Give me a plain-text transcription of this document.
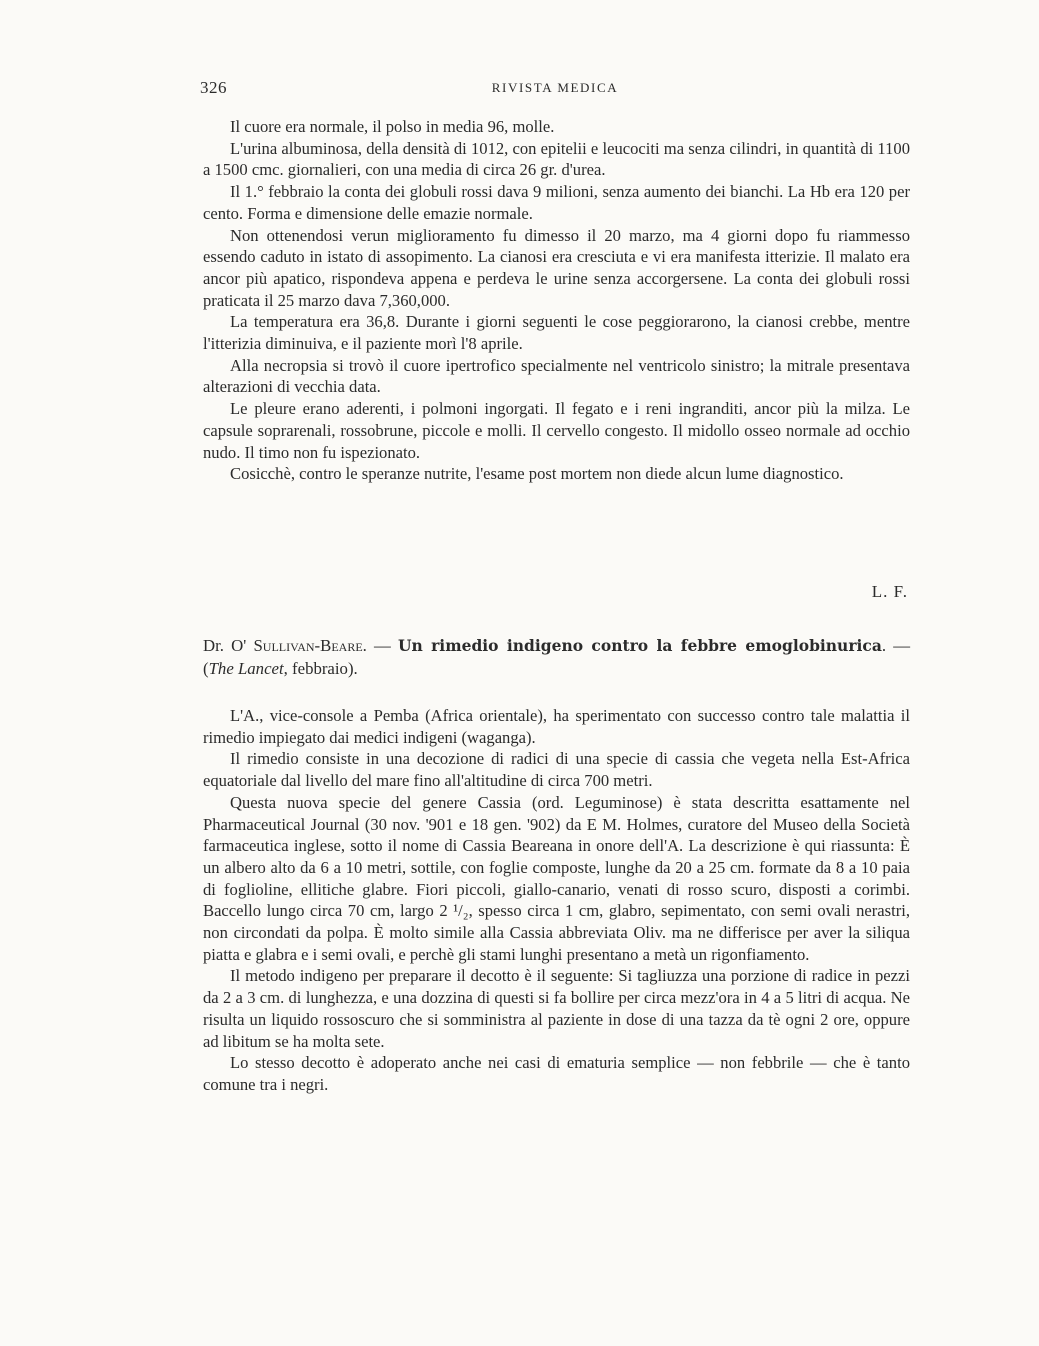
326	RIVISTA MEDICA

Il cuore era normale, il polso in media 96, molle.

L'urina albuminosa, della densità di 1012, con epitelii e leucociti ma senza cilindri, in quantità di 1100 a 1500 cmc. giornalieri, con una media di circa 26 gr. d'urea.

Il 1.° febbraio la conta dei globuli rossi dava 9 milioni, senza aumento dei bianchi. La Hb era 120 per cento. Forma e dimensione delle emazie normale.

Non ottenendosi verun miglioramento fu dimesso il 20 marzo, ma 4 giorni dopo fu riammesso essendo caduto in istato di assopimento. La cianosi era cresciuta e vi era manifesta itterizie. Il malato era ancor più apatico, rispondeva appena e perdeva le urine senza accorgersene. La conta dei globuli rossi praticata il 25 marzo dava 7,360,000.

La temperatura era 36,8. Durante i giorni seguenti le cose peggiorarono, la cianosi crebbe, mentre l'itterizia diminuiva, e il paziente morì l'8 aprile.

Alla necropsia si trovò il cuore ipertrofico specialmente nel ventricolo sinistro; la mitrale presentava alterazioni di vecchia data.

Le pleure erano aderenti, i polmoni ingorgati. Il fegato e i reni ingranditi, ancor più la milza. Le capsule soprarenali, rossobrune, piccole e molli. Il cervello congesto. Il midollo osseo normale ad occhio nudo. Il timo non fu ispezionato.

Cosicchè, contro le speranze nutrite, l'esame post mortem non diede alcun lume diagnostico.

L. F.
Dr. O' Sullivan-Beare. — Un rimedio indigeno contro la febbre emoglobinurica. — (The Lancet, febbraio).

L'A., vice-console a Pemba (Africa orientale), ha sperimentato con successo contro tale malattia il rimedio impiegato dai medici indigeni (waganga).

Il rimedio consiste in una decozione di radici di una specie di cassia che vegeta nella Est-Africa equatoriale dal livello del mare fino all'altitudine di circa 700 metri.

Questa nuova specie del genere Cassia (ord. Leguminose) è stata descritta esattamente nel Pharmaceutical Journal (30 nov. '901 e 18 gen. '902) da E M. Holmes, curatore del Museo della Società farmaceutica inglese, sotto il nome di Cassia Beareana in onore dell'A. La descrizione è qui riassunta: È un albero alto da 6 a 10 metri, sottile, con foglie composte, lunghe da 20 a 25 cm. formate da 8 a 10 paia di foglioline, ellitiche glabre. Fiori piccoli, giallo-canario, venati di rosso scuro, disposti a corimbi. Baccello lungo circa 70 cm, largo 2 ¹/₂, spesso circa 1 cm, glabro, sepimentato, con semi ovali nerastri, non circondati da polpa. È molto simile alla Cassia abbreviata Oliv. ma ne differisce per aver la siliqua piatta e glabra e i semi ovali, e perchè gli stami lunghi presentano a metà un rigonfiamento.

Il metodo indigeno per preparare il decotto è il seguente: Si tagliuzza una porzione di radice in pezzi da 2 a 3 cm. di lunghezza, e una dozzina di questi si fa bollire per circa mezz'ora in 4 a 5 litri di acqua. Ne risulta un liquido rossoscuro che si somministra al paziente in dose di una tazza da tè ogni 2 ore, oppure ad libitum se ha molta sete.

Lo stesso decotto è adoperato anche nei casi di ematuria semplice — non febbrile — che è tanto comune tra i negri.
